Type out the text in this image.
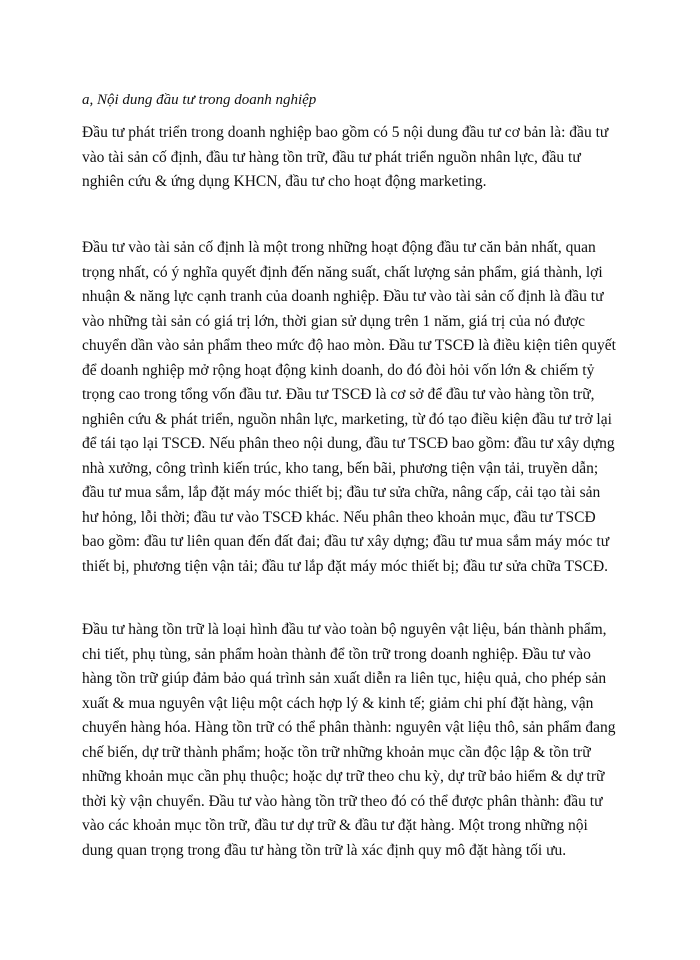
a, Nội dung đầu tư trong doanh nghiệp

Đầu tư phát triển trong doanh nghiệp bao gồm có 5 nội dung đầu tư cơ bản là: đầu tư vào tài sản cố định, đầu tư hàng tồn trữ, đầu tư phát triển nguồn nhân lực, đầu tư nghiên cứu & ứng dụng KHCN, đầu tư cho hoạt động marketing.

Đầu tư vào tài sản cố định là một trong những hoạt động đầu tư căn bản nhất, quan trọng nhất, có ý nghĩa quyết định đến năng suất, chất lượng sản phẩm, giá thành, lợi nhuận & năng lực cạnh tranh của doanh nghiệp. Đầu tư vào tài sản cố định là đầu tư vào những tài sản có giá trị lớn, thời gian sử dụng trên 1 năm, giá trị của nó được chuyển dần vào sản phẩm theo mức độ hao mòn. Đầu tư TSCĐ là điều kiện tiên quyết để doanh nghiệp mở rộng hoạt động kinh doanh, do đó đòi hỏi vốn lớn & chiếm tỷ trọng cao trong tổng vốn đầu tư. Đầu tư TSCĐ là cơ sở để đầu tư vào hàng tồn trữ, nghiên cứu & phát triển, nguồn nhân lực, marketing, từ đó tạo điều kiện đầu tư trở lại để tái tạo lại TSCĐ. Nếu phân theo nội dung, đầu tư TSCĐ bao gồm: đầu tư xây dựng nhà xưởng, công trình kiến trúc, kho tang, bến bãi, phương tiện vận tải, truyền dẫn; đầu tư mua sắm, lắp đặt máy móc thiết bị; đầu tư sửa chữa, nâng cấp, cải tạo tài sản hư hỏng, lỗi thời; đầu tư vào TSCĐ khác. Nếu phân theo khoản mục, đầu tư TSCĐ bao gồm: đầu tư liên quan đến đất đai; đầu tư xây dựng; đầu tư mua sắm máy móc tư thiết bị, phương tiện vận tải; đầu tư lắp đặt máy móc thiết bị; đầu tư sửa chữa TSCĐ.

Đầu tư hàng tồn trữ là loại hình đầu tư vào toàn bộ nguyên vật liệu, bán thành phẩm, chi tiết, phụ tùng, sản phẩm hoàn thành để tồn trữ trong doanh nghiệp. Đầu tư vào hàng tồn trữ giúp đảm bảo quá trình sản xuất diễn ra liên tục, hiệu quả, cho phép sản xuất & mua nguyên vật liệu một cách hợp lý & kinh tế; giảm chi phí đặt hàng, vận chuyển hàng hóa. Hàng tồn trữ có thể phân thành: nguyên vật liệu thô, sản phẩm đang chế biến, dự trữ thành phẩm; hoặc tồn trữ những khoản mục cần độc lập & tồn trữ những khoản mục cần phụ thuộc; hoặc dự trữ theo chu kỳ, dự trữ bảo hiểm & dự trữ thời kỳ vận chuyển. Đầu tư vào hàng tồn trữ theo đó có thể được phân thành: đầu tư vào các khoản mục tồn trữ, đầu tư dự trữ & đầu tư đặt hàng. Một trong những nội dung quan trọng trong đầu tư hàng tồn trữ là xác định quy mô đặt hàng tối ưu.
